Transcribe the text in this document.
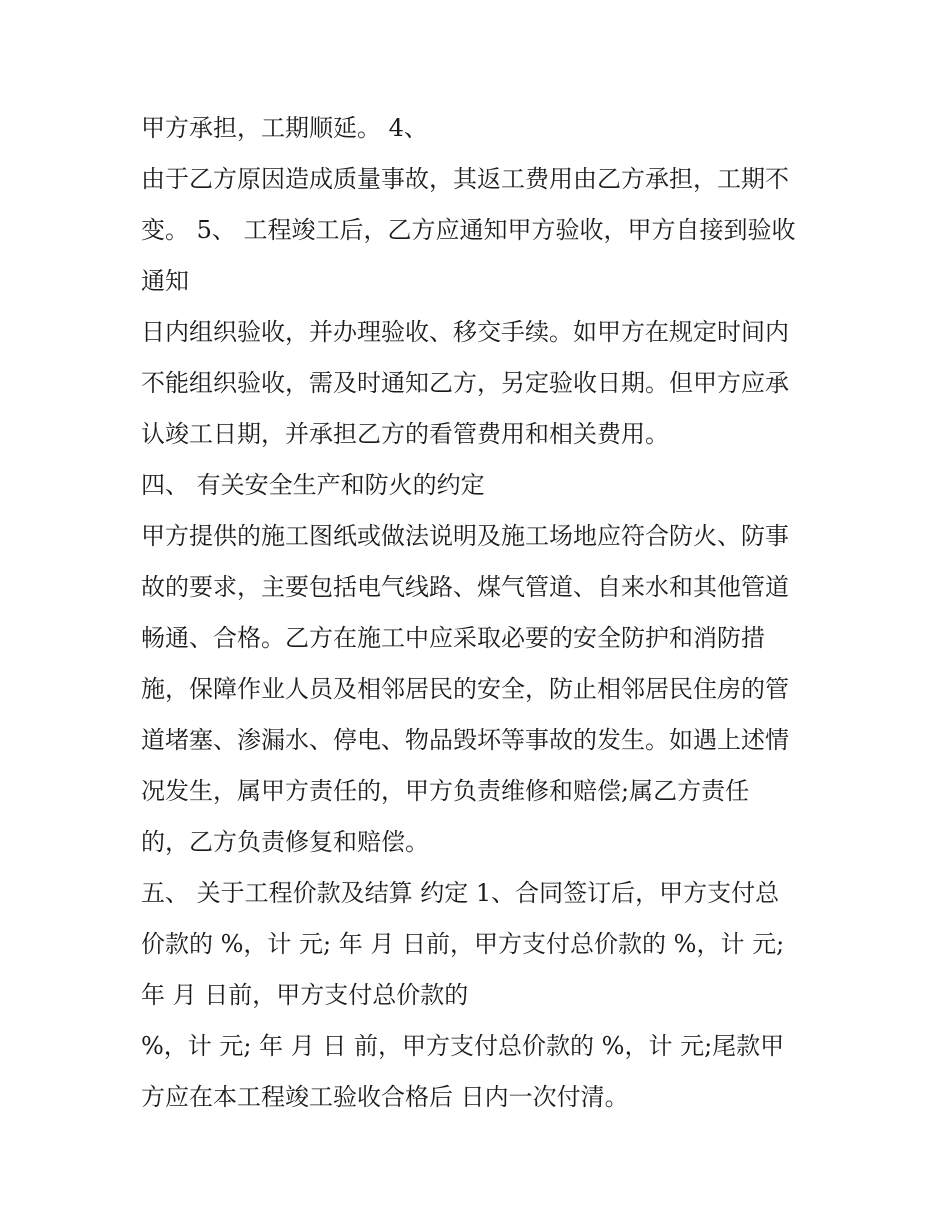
甲方承担，工期顺延。 4、

由于乙方原因造成质量事故，其返工费用由乙方承担，工期不

变。 5、 工程竣工后，乙方应通知甲方验收，甲方自接到验收

通知

日内组织验收，并办理验收、移交手续。如甲方在规定时间内

不能组织验收，需及时通知乙方，另定验收日期。但甲方应承

认竣工日期，并承担乙方的看管费用和相关费用。

四、 有关安全生产和防火的约定

甲方提供的施工图纸或做法说明及施工场地应符合防火、防事

故的要求，主要包括电气线路、煤气管道、自来水和其他管道

畅通、合格。乙方在施工中应采取必要的安全防护和消防措

施，保障作业人员及相邻居民的安全，防止相邻居民住房的管

道堵塞、渗漏水、停电、物品毁坏等事故的发生。如遇上述情

况发生，属甲方责任的，甲方负责维修和赔偿;属乙方责任

的，乙方负责修复和赔偿。

五、 关于工程价款及结算 约定 1、合同签订后，甲方支付总

价款的 %，计 元; 年 月 日前，甲方支付总价款的 %，计 元;

年 月 日前，甲方支付总价款的

%，计 元; 年 月 日 前，甲方支付总价款的 %，计 元;尾款甲

方应在本工程竣工验收合格后 日内一次付清。
